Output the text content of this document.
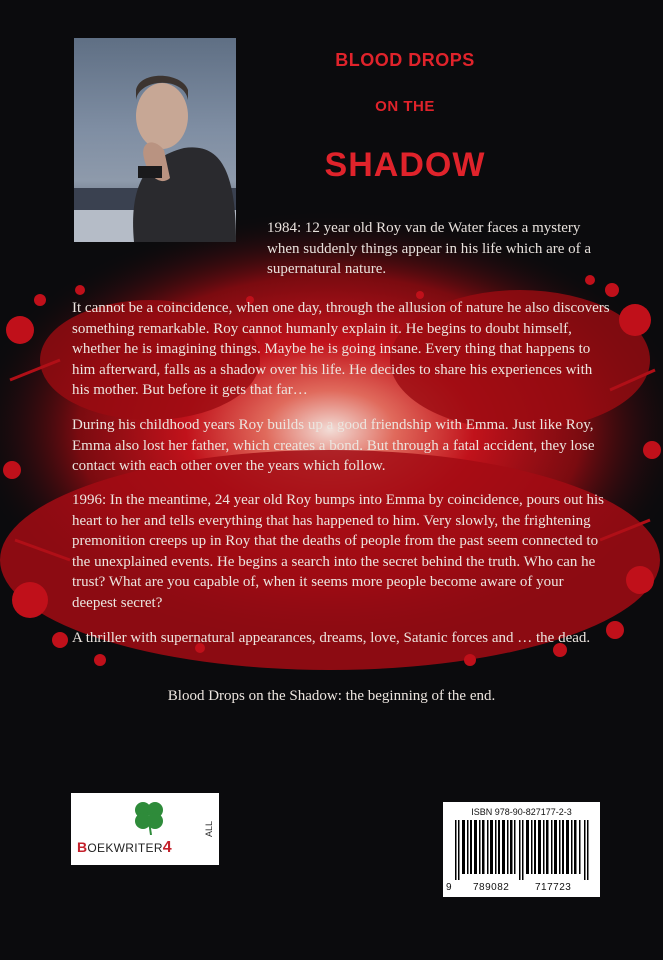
BLOOD DROPS
ON THE
SHADOW
1984: 12 year old Roy van de Water faces a mystery when suddenly things appear in his life which are of a supernatural nature.
It cannot be a coincidence, when one day, through the allusion of nature he also discovers something remarkable. Roy cannot humanly explain it. He begins to doubt himself, whether he is imagining things. Maybe he is going insane. Every thing that happens to him afterward, falls as a shadow over his life. He decides to share his experiences with his mother. But before it gets that far…
During his childhood years Roy builds up a good friendship with Emma. Just like Roy, Emma also lost her father, which creates a bond. But through a fatal accident, they lose contact with each other over the years which follow.
1996: In the meantime, 24 year old Roy bumps into Emma by coincidence, pours out his heart to her and tells everything that has happened to him. Very slowly, the frightening premonition creeps up in Roy that the deaths of people from the past seem connected to the unexplained events. He begins a search into the secret behind the truth. Who can he trust? What are you capable of, when it seems more people become aware of your deepest secret?
A thriller with supernatural appearances, dreams, love, Satanic forces and … the dead.
Blood Drops on the Shadow: the beginning of the end.
BOEKWRITER4
ALL
ISBN 978-90-827177-2-3
9 789082	717723
